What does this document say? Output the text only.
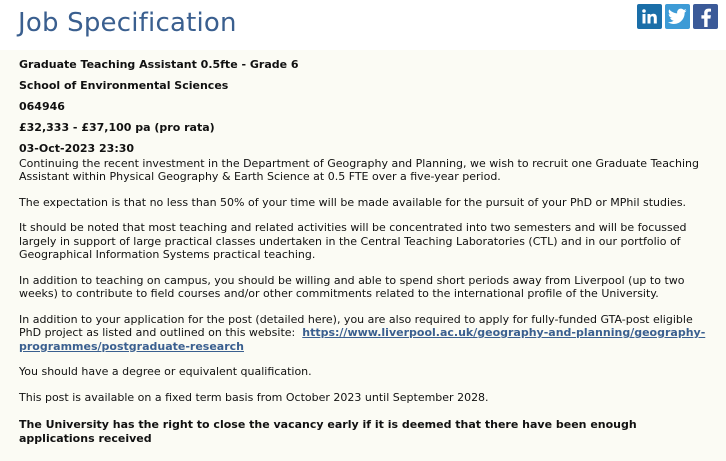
Job Specification
Graduate Teaching Assistant 0.5fte - Grade 6
School of Environmental Sciences
064946
£32,333 - £37,100 pa (pro rata)
03-Oct-2023 23:30

Continuing the recent investment in the Department of Geography and Planning, we wish to recruit one Graduate Teaching Assistant within Physical Geography & Earth Science at 0.5 FTE over a five-year period.

The expectation is that no less than 50% of your time will be made available for the pursuit of your PhD or MPhil studies.

It should be noted that most teaching and related activities will be concentrated into two semesters and will be focussed largely in support of large practical classes undertaken in the Central Teaching Laboratories (CTL) and in our portfolio of Geographical Information Systems practical teaching.

In addition to teaching on campus, you should be willing and able to spend short periods away from Liverpool (up to two weeks) to contribute to field courses and/or other commitments related to the international profile of the University.

In addition to your application for the post (detailed here), you are also required to apply for fully-funded GTA-post eligible PhD project as listed and outlined on this website: https://www.liverpool.ac.uk/geography-and-planning/geography-programmes/postgraduate-research

You should have a degree or equivalent qualification.

This post is available on a fixed term basis from October 2023 until September 2028.

The University has the right to close the vacancy early if it is deemed that there have been enough applications received
